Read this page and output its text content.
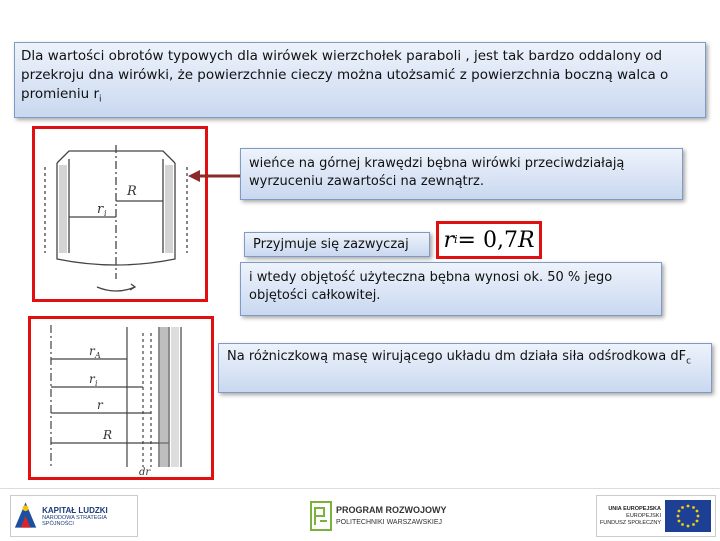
Dla wartości obrotów typowych dla wirówek wierzchołek paraboli , jest tak bardzo oddalony od przekroju dna wirówki, że powierzchnie cieczy można utożsamić z powierzchnia boczną walca o promieniu $r_i$
R
r i
wieńce na górnej krawędzi bębna wirówki przeciwdziałają wyrzuceniu zawartości na zewnątrz.
Przyjmuje się zazwyczaj	r i = 0,7 R
i wtedy objętość użyteczna bębna wynosi ok. 50 % jego objętości całkowitej.
r A
r i
r
R
dr
Na różniczkową masę wirującego układu dm działa siła odśrodkowa $dF_c$
KAPITAŁ LUDZKI
NARODOWA STRATEGIA SPÓJNOŚCI
PROGRAM ROZWOJOWY
POLITECHNIKI WARSZAWSKIEJ
UNIA EUROPEJSKA
EUROPEJSKI
FUNDUSZ SPOŁECZNY
